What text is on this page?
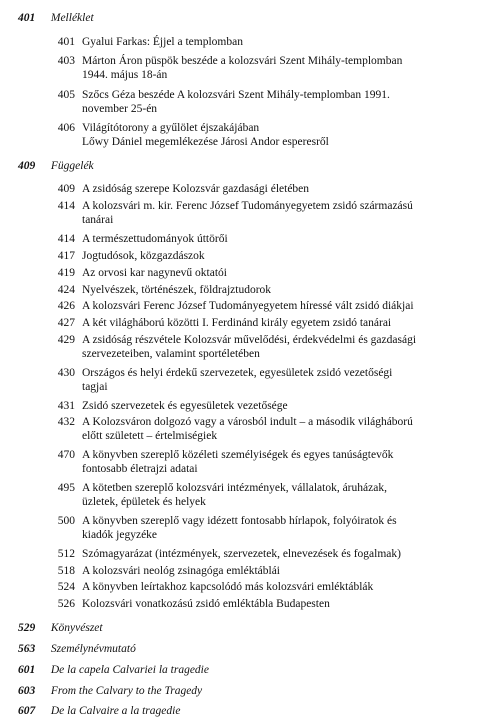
401 Melléklet
401 Gyalui Farkas: Éjjel a templomban
403 Márton Áron püspök beszéde a kolozsvári Szent Mihály-templomban
1944. május 18-án
405 Szőcs Géza beszéde A kolozsvári Szent Mihály-templomban 1991.
november 25-én
406 Világítótorony a gyűlölet éjszakájában
Lőwy Dániel megemlékezése Járosi Andor esperesről
409 Függelék
409 A zsidóság szerepe Kolozsvár gazdasági életében
414 A kolozsvári m. kir. Ferenc József Tudományegyetem zsidó származású
tanárai
414 A természettudományok úttörői
417 Jogtudósok, közgazdászok
419 Az orvosi kar nagynevű oktatói
424 Nyelvészek, történészek, földrajztudorok
426 A kolozsvári Ferenc József Tudományegyetem híressé vált zsidó diákjai
427 A két világháború közötti I. Ferdinánd király egyetem zsidó tanárai
429 A zsidóság részvétele Kolozsvár művelődési, érdekvédelmi és gazdasági
szervezeteiben, valamint sportéletében
430 Országos és helyi érdekű szervezetek, egyesületek zsidó vezetőségi
tagjai
431 Zsidó szervezetek és egyesületek vezetősége
432 A Kolozsváron dolgozó vagy a városból indult – a második világháború
előtt született – értelmiségiek
470 A könyvben szereplő közéleti személyiségek és egyes tanúságtevők
fontosabb életrajzi adatai
495 A kötetben szereplő kolozsvári intézmények, vállalatok, áruházak,
üzletek, épületek és helyek
500 A könyvben szereplő vagy idézett fontosabb hírlapok, folyóiratok és
kiadók jegyzéke
512 Szómagyarázat (intézmények, szervezetek, elnevezések és fogalmak)
518 A kolozsvári neológ zsinagóga emléktáblái
524 A könyvben leírtakhoz kapcsolódó más kolozsvári emléktáblák
526 Kolozsvári vonatkozású zsidó emléktábla Budapesten
529 Könyvészet
563 Személynévmutató
601 De la capela Calvariei la tragedie
603 From the Calvary to the Tragedy
607 De la Calvaire a la tragedie
